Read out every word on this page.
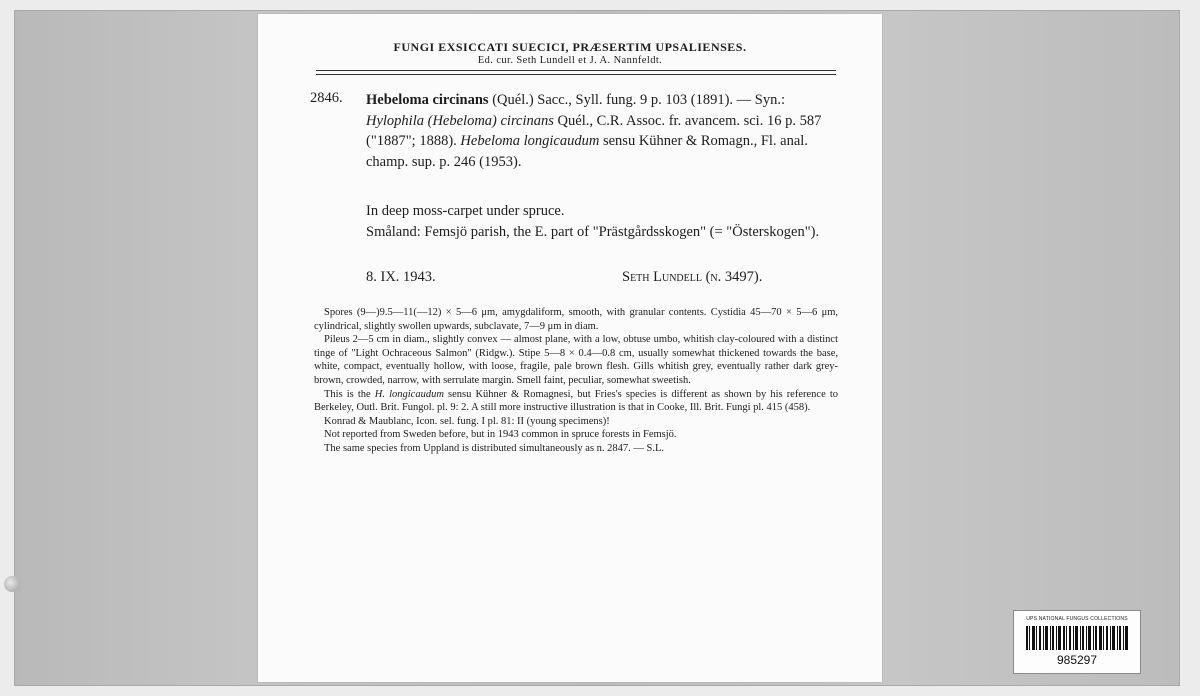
FUNGI EXSICCATI SUECICI, PRÆSERTIM UPSALIENSES.
Ed. cur. Seth Lundell et J. A. Nannfeldt.
2846. Hebeloma circinans (Quél.) Sacc., Syll. fung. 9 p. 103 (1891). — Syn.: Hylophila (Hebeloma) circinans Quél., C.R. Assoc. fr. avancem. sci. 16 p. 587 ("1887"; 1888). Hebeloma longicaudum sensu Kühner & Romagn., Fl. anal. champ. sup. p. 246 (1953).
In deep moss-carpet under spruce.
Småland: Femsjö parish, the E. part of "Prästgårdsskogen" (= "Österskogen").
8. IX. 1943.	Seth Lundell (n. 3497).

Spores (9—)9.5—11(—12) × 5—6 μm, amygdaliform, smooth, with granular contents. Cystidia 45—70 × 5—6 μm, cylindrical, slightly swollen upwards, subclavate, 7—9 μm in diam.

Pileus 2—5 cm in diam., slightly convex — almost plane, with a low, obtuse umbo, whitish clay-coloured with a distinct tinge of "Light Ochraceous Salmon" (Ridgw.). Stipe 5—8 × 0.4—0.8 cm, usually somewhat thickened towards the base, white, compact, eventually hollow, with loose, fragile, pale brown flesh. Gills whitish grey, eventually rather dark grey-brown, crowded, narrow, with serrulate margin. Smell faint, peculiar, somewhat sweetish.

This is the H. longicaudum sensu Kühner & Romagnesi, but Fries's species is different as shown by his reference to Berkeley, Outl. Brit. Fungol. pl. 9: 2. A still more instructive illustration is that in Cooke, Ill. Brit. Fungi pl. 415 (458).

Konrad & Maublanc, Icon. sel. fung. I pl. 81: II (young specimens)!

Not reported from Sweden before, but in 1943 common in spruce forests in Femsjö.

The same species from Uppland is distributed simultaneously as n. 2847. — S.L.

UPS NATIONAL FUNGUS COLLECTIONS
985297
